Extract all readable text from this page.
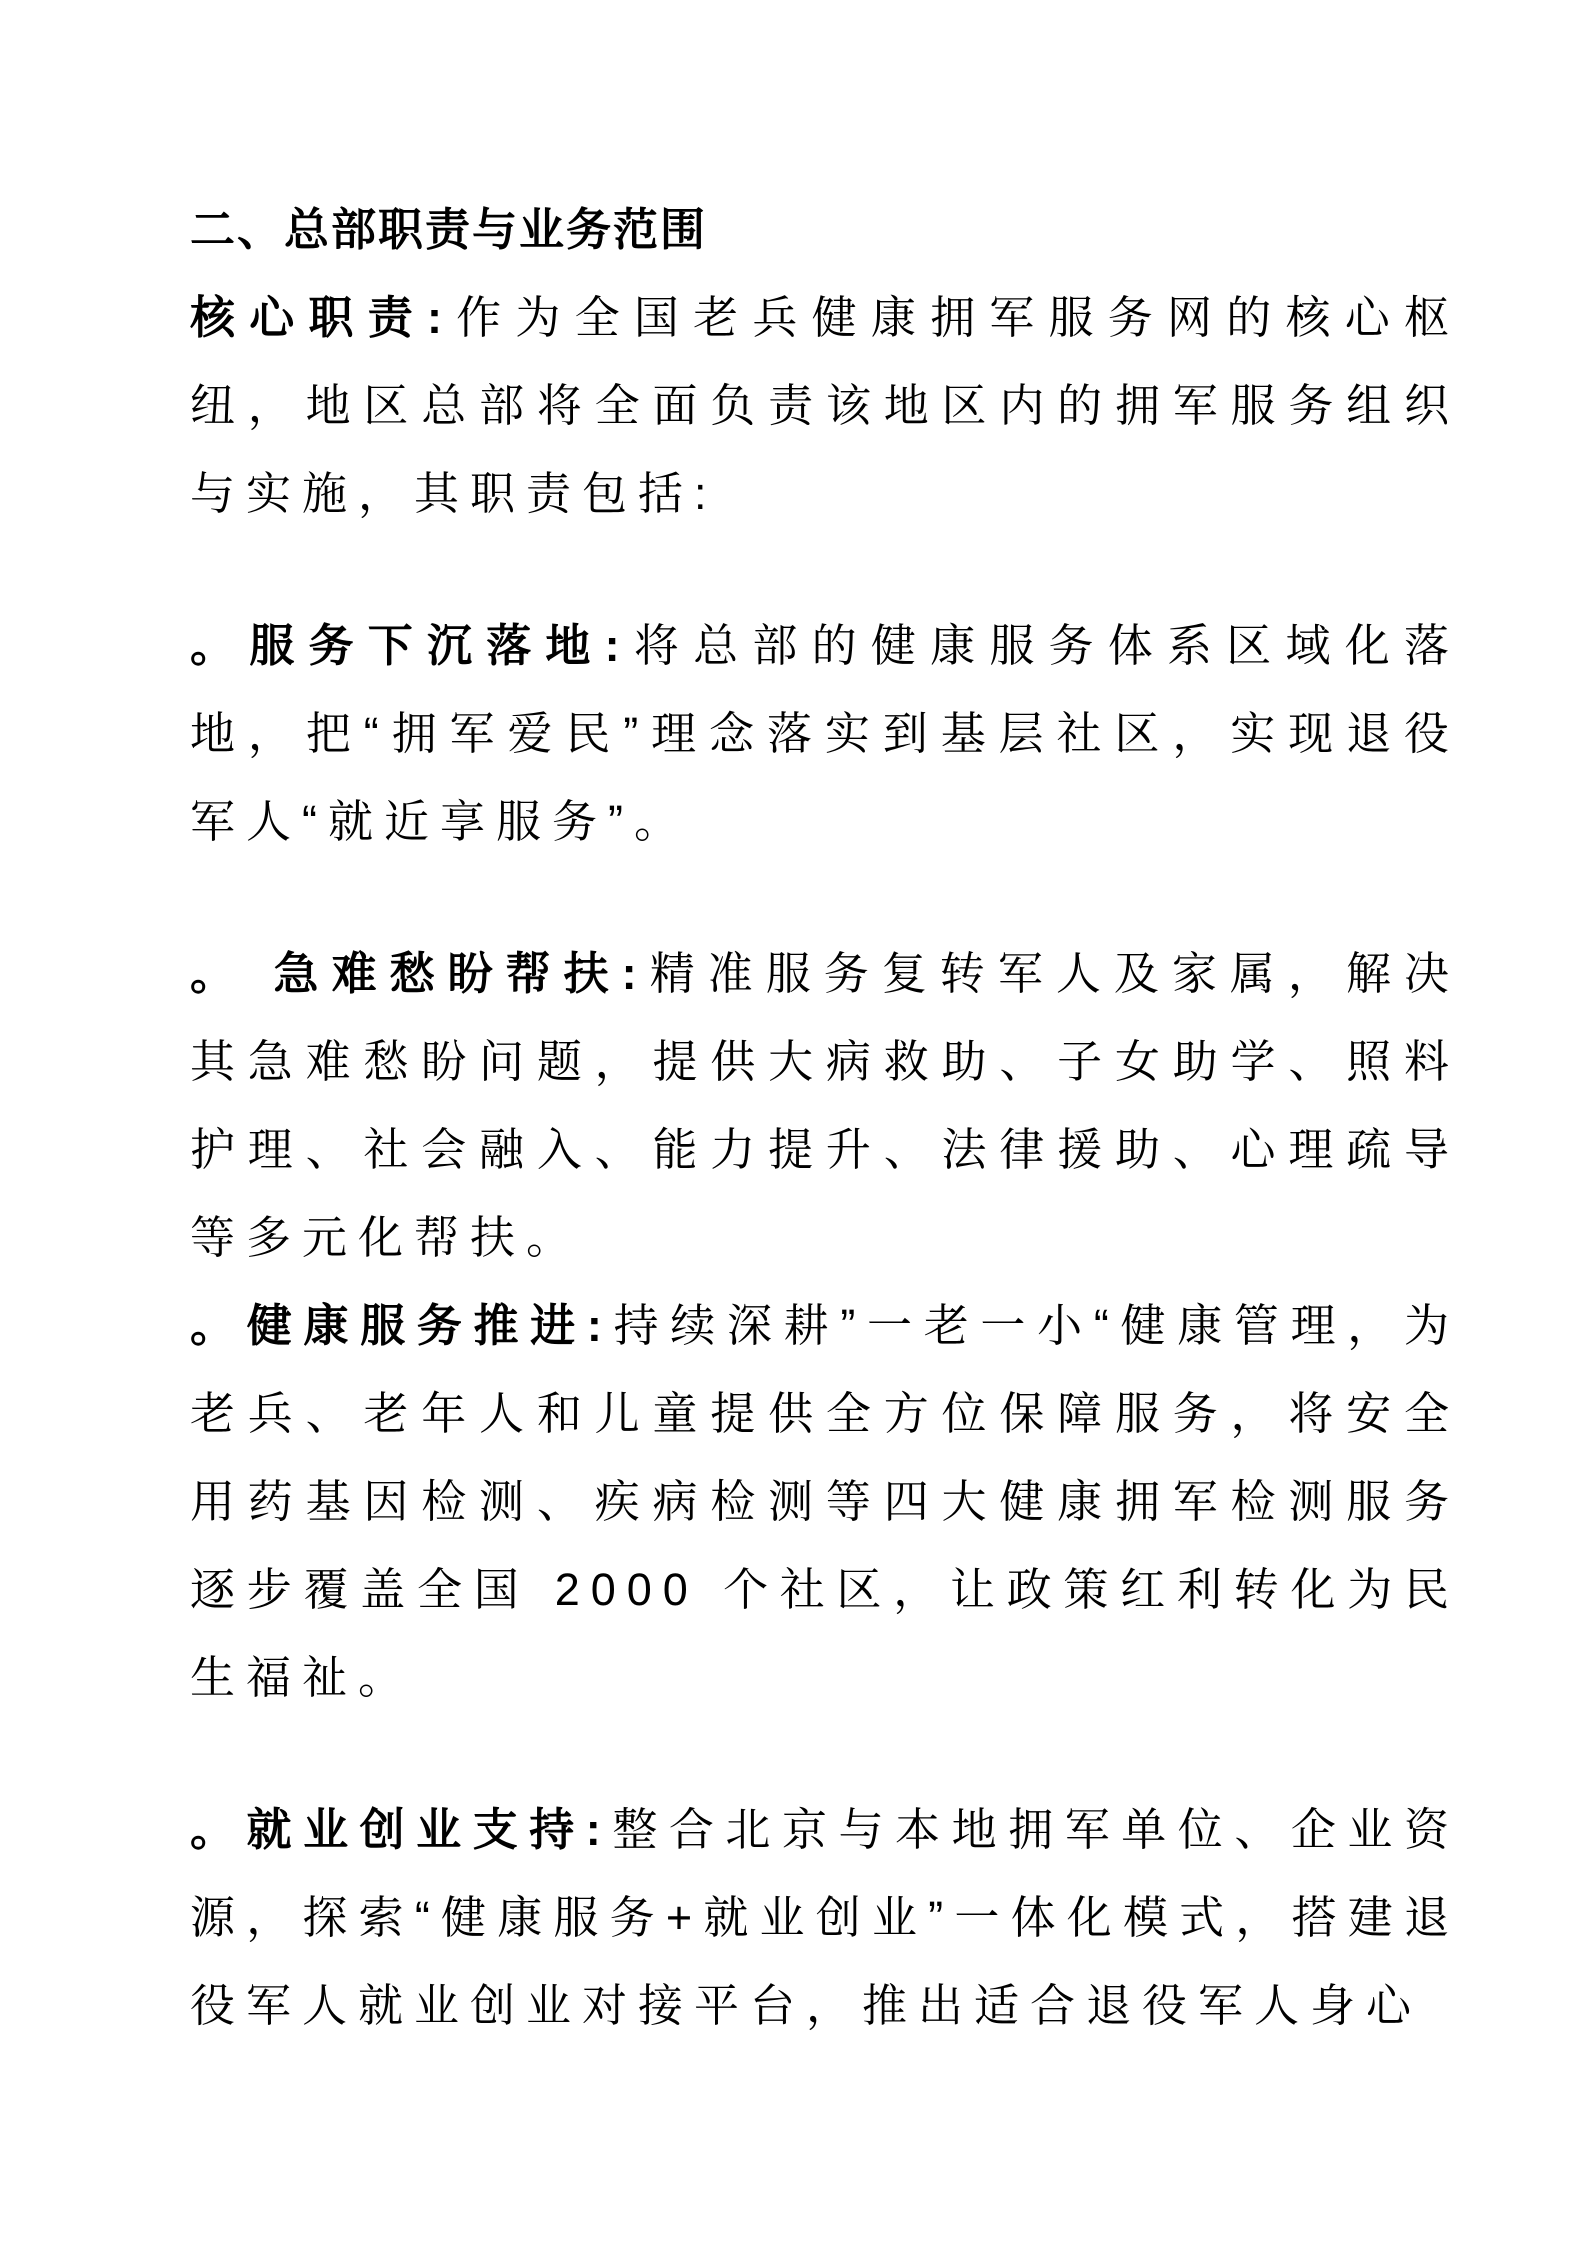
二、总部职责与业务范围

核心职责:作为全国老兵健康拥军服务网的核心枢纽，地区总部将全面负责该地区内的拥军服务组织与实施，其职责包括:

。服务下沉落地:将总部的健康服务体系区域化落地，把“拥军爱民”理念落实到基层社区，实现退役军人“就近享服务”。

。 急难愁盼帮扶:精准服务复转军人及家属，解决其急难愁盼问题，提供大病救助、子女助学、照料护理、社会融入、能力提升、法律援助、心理疏导等多元化帮扶。

。健康服务推进:持续深耕”一老一小“健康管理，为老兵、老年人和儿童提供全方位保障服务，将安全用药基因检测、疾病检测等四大健康拥军检测服务逐步覆盖全国 2000 个社区，让政策红利转化为民生福祉。

。就业创业支持:整合北京与本地拥军单位、企业资源，探索“健康服务+就业创业”一体化模式，搭建退役军人就业创业对接平台，推出适合退役军人身心
